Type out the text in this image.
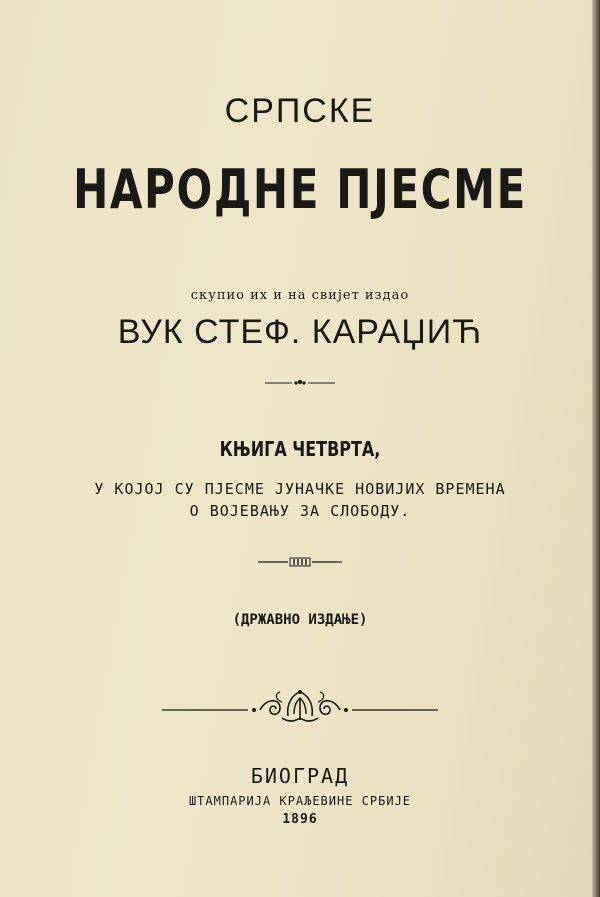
СРПСКЕ
НАРОДНЕ ПЈЕСМЕ
скупио их и на свијет издао
ВУК СТЕФ. КАРАЏИЋ
КЊИГА ЧЕТВРТА,
У КОЈОЈ СУ ПЈЕСМЕ ЈУНАЧКЕ НОВИЈИХ ВРЕМЕНА
О ВОЈЕВАЊУ ЗА СЛОБОДУ.
(ДРЖАВНО ИЗДАЊЕ)
БИОГРАД
ШТАМПАРИЈА КРАЉЕВИНЕ СРБИЈЕ
1896
